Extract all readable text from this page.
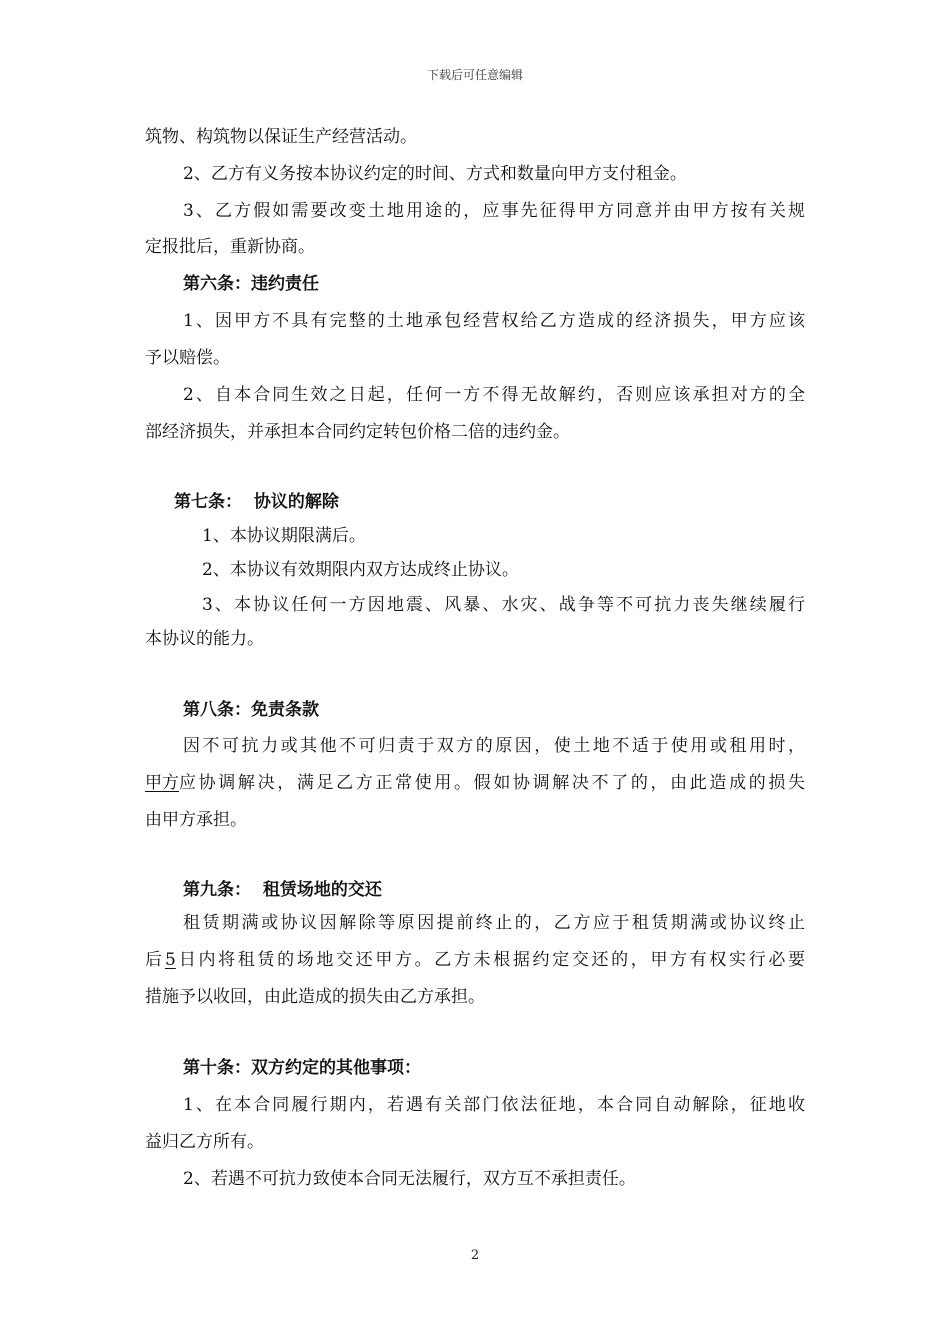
下载后可任意编辑
筑物、构筑物以保证生产经营活动。
2、乙方有义务按本协议约定的时间、方式和数量向甲方支付租金。
3、乙方假如需要改变土地用途的，应事先征得甲方同意并由甲方按有关规
定报批后，重新协商。
第六条：违约责任
1、因甲方不具有完整的土地承包经营权给乙方造成的经济损失，甲方应该
予以赔偿。
2、自本合同生效之日起，任何一方不得无故解约，否则应该承担对方的全
部经济损失，并承担本合同约定转包价格二倍的违约金。
第七条：  协议的解除
1、本协议期限满后。
2、本协议有效期限内双方达成终止协议。
3、本协议任何一方因地震、风暴、水灾、战争等不可抗力丧失继续履行
本协议的能力。
第八条：免责条款
因不可抗力或其他不可归责于双方的原因，使土地不适于使用或租用时，
甲方 应协调解决，满足乙方正常使用。假如协调解决不了的，由此造成的损失
由甲方承担。
第九条：  租赁场地的交还
租赁期满或协议因解除等原因提前终止的，乙方应于租赁期满或协议终止
后 5 日内将租赁的场地交还甲方。乙方未根据约定交还的，甲方有权实行必要
措施予以收回，由此造成的损失由乙方承担。
第十条：双方约定的其他事项：
1、在本合同履行期内，若遇有关部门依法征地，本合同自动解除，征地收
益归乙方所有。
2、若遇不可抗力致使本合同无法履行，双方互不承担责任。
2
